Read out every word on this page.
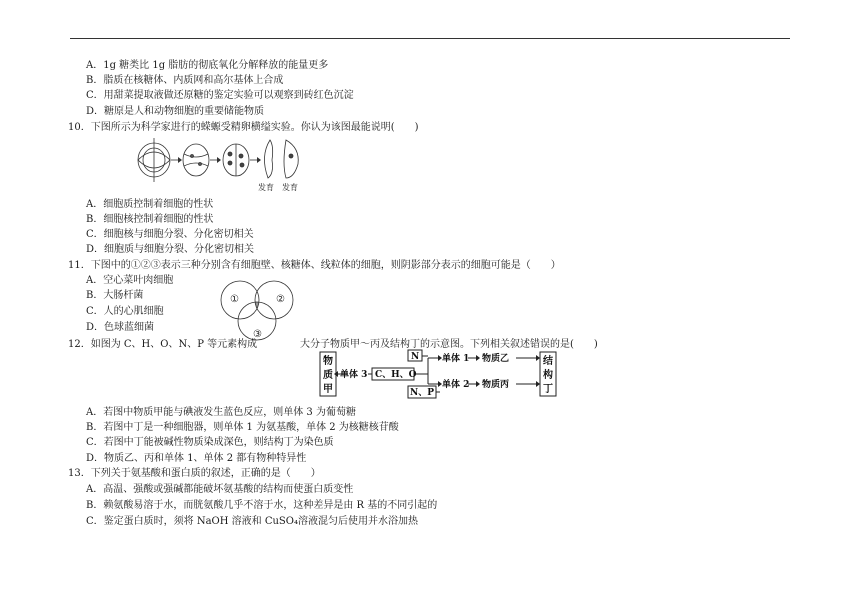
A．1g 糖类比 1g 脂肪的彻底氧化分解释放的能量更多
B．脂质在核糖体、内质网和高尔基体上合成
C．用甜菜提取液做还原糖的鉴定实验可以观察到砖红色沉淀
D．糖原是人和动物细胞的重要储能物质
10．下图所示为科学家进行的蝾螈受精卵横缢实验。你认为该图最能说明(　　)
发育 发育
A．细胞质控制着细胞的性状
B．细胞核控制着细胞的性状
C．细胞核与细胞分裂、分化密切相关
D．细胞质与细胞分裂、分化密切相关
11．下图中的①②③表示三种分别含有细胞壁、核糖体、线粒体的细胞，则阴影部分表示的细胞可能是（　　）
A．空心菜叶肉细胞
B．大肠杆菌
C．人的心肌细胞
D．色球蓝细菌
①	②
③
12．如图为 C、H、O、N、P 等元素构成	大分子物质甲～丙及结构丁的示意图。下列相关叙述错误的是(　　)
物
质
甲
结
构
丁
单体 3 C、H、O
N
N、P
单体 1
单体 2
物质乙
物质丙
A．若图中物质甲能与碘液发生蓝色反应，则单体 3 为葡萄糖
B．若图中丁是一种细胞器，则单体 1 为氨基酸，单体 2 为核糖核苷酸
C．若图中丁能被碱性物质染成深色，则结构丁为染色质
D．物质乙、丙和单体 1、单体 2 都有物种特异性
13．下列关于氨基酸和蛋白质的叙述，正确的是（　　）
A．高温、强酸或强碱都能破坏氨基酸的结构而使蛋白质变性
B．赖氨酸易溶于水，而胱氨酸几乎不溶于水，这种差异是由 R 基的不同引起的
C．鉴定蛋白质时，须将 NaOH 溶液和 CuSO₄溶液混匀后使用并水浴加热
